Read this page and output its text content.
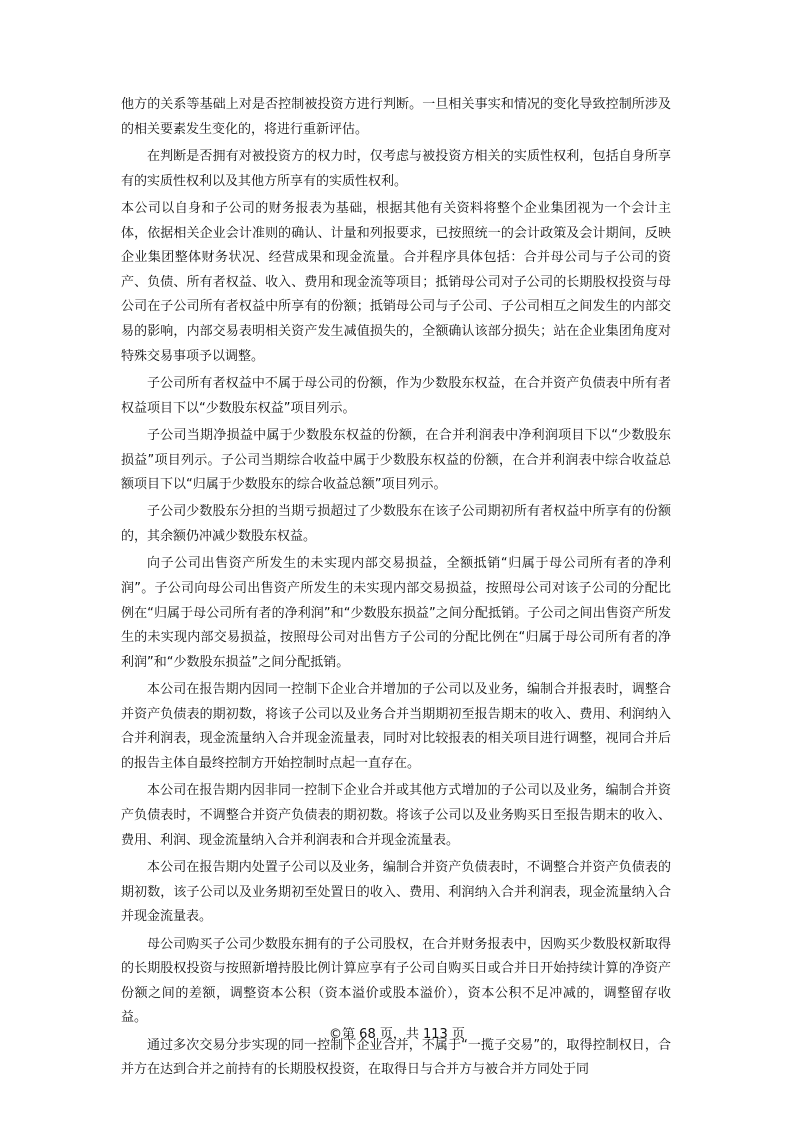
他方的关系等基础上对是否控制被投资方进行判断。一旦相关事实和情况的变化导致控制所涉及的相关要素发生变化的，将进行重新评估。

在判断是否拥有对被投资方的权力时，仅考虑与被投资方相关的实质性权利，包括自身所享有的实质性权利以及其他方所享有的实质性权利。

本公司以自身和子公司的财务报表为基础，根据其他有关资料将整个企业集团视为一个会计主体，依据相关企业会计准则的确认、计量和列报要求，已按照统一的会计政策及会计期间，反映企业集团整体财务状况、经营成果和现金流量。合并程序具体包括：合并母公司与子公司的资产、负债、所有者权益、收入、费用和现金流等项目；抵销母公司对子公司的长期股权投资与母公司在子公司所有者权益中所享有的份额；抵销母公司与子公司、子公司相互之间发生的内部交易的影响，内部交易表明相关资产发生减值损失的，全额确认该部分损失；站在企业集团角度对特殊交易事项予以调整。

子公司所有者权益中不属于母公司的份额，作为少数股东权益，在合并资产负债表中所有者权益项目下以“少数股东权益”项目列示。

子公司当期净损益中属于少数股东权益的份额，在合并利润表中净利润项目下以“少数股东损益”项目列示。子公司当期综合收益中属于少数股东权益的份额，在合并利润表中综合收益总额项目下以“归属于少数股东的综合收益总额”项目列示。

子公司少数股东分担的当期亏损超过了少数股东在该子公司期初所有者权益中所享有的份额的，其余额仍冲减少数股东权益。

向子公司出售资产所发生的未实现内部交易损益，全额抵销“归属于母公司所有者的净利润”。子公司向母公司出售资产所发生的未实现内部交易损益，按照母公司对该子公司的分配比例在“归属于母公司所有者的净利润”和“少数股东损益”之间分配抵销。子公司之间出售资产所发生的未实现内部交易损益，按照母公司对出售方子公司的分配比例在“归属于母公司所有者的净利润”和“少数股东损益”之间分配抵销。

本公司在报告期内因同一控制下企业合并增加的子公司以及业务，编制合并报表时，调整合并资产负债表的期初数，将该子公司以及业务合并当期期初至报告期末的收入、费用、利润纳入合并利润表，现金流量纳入合并现金流量表，同时对比较报表的相关项目进行调整，视同合并后的报告主体自最终控制方开始控制时点起一直存在。

本公司在报告期内因非同一控制下企业合并或其他方式增加的子公司以及业务，编制合并资产负债表时，不调整合并资产负债表的期初数。将该子公司以及业务购买日至报告期末的收入、费用、利润、现金流量纳入合并利润表和合并现金流量表。

本公司在报告期内处置子公司以及业务，编制合并资产负债表时，不调整合并资产负债表的期初数，该子公司以及业务期初至处置日的收入、费用、利润纳入合并利润表，现金流量纳入合并现金流量表。

母公司购买子公司少数股东拥有的子公司股权，在合并财务报表中，因购买少数股权新取得的长期股权投资与按照新增持股比例计算应享有子公司自购买日或合并日开始持续计算的净资产份额之间的差额，调整资本公积（资本溢价或股本溢价），资本公积不足冲减的，调整留存收益。

通过多次交易分步实现的同一控制下企业合并，不属于“一揽子交易”的，取得控制权日，合并方在达到合并之前持有的长期股权投资，在取得日与合并方与被合并方同处于同

©第 68 页，共 113 页
